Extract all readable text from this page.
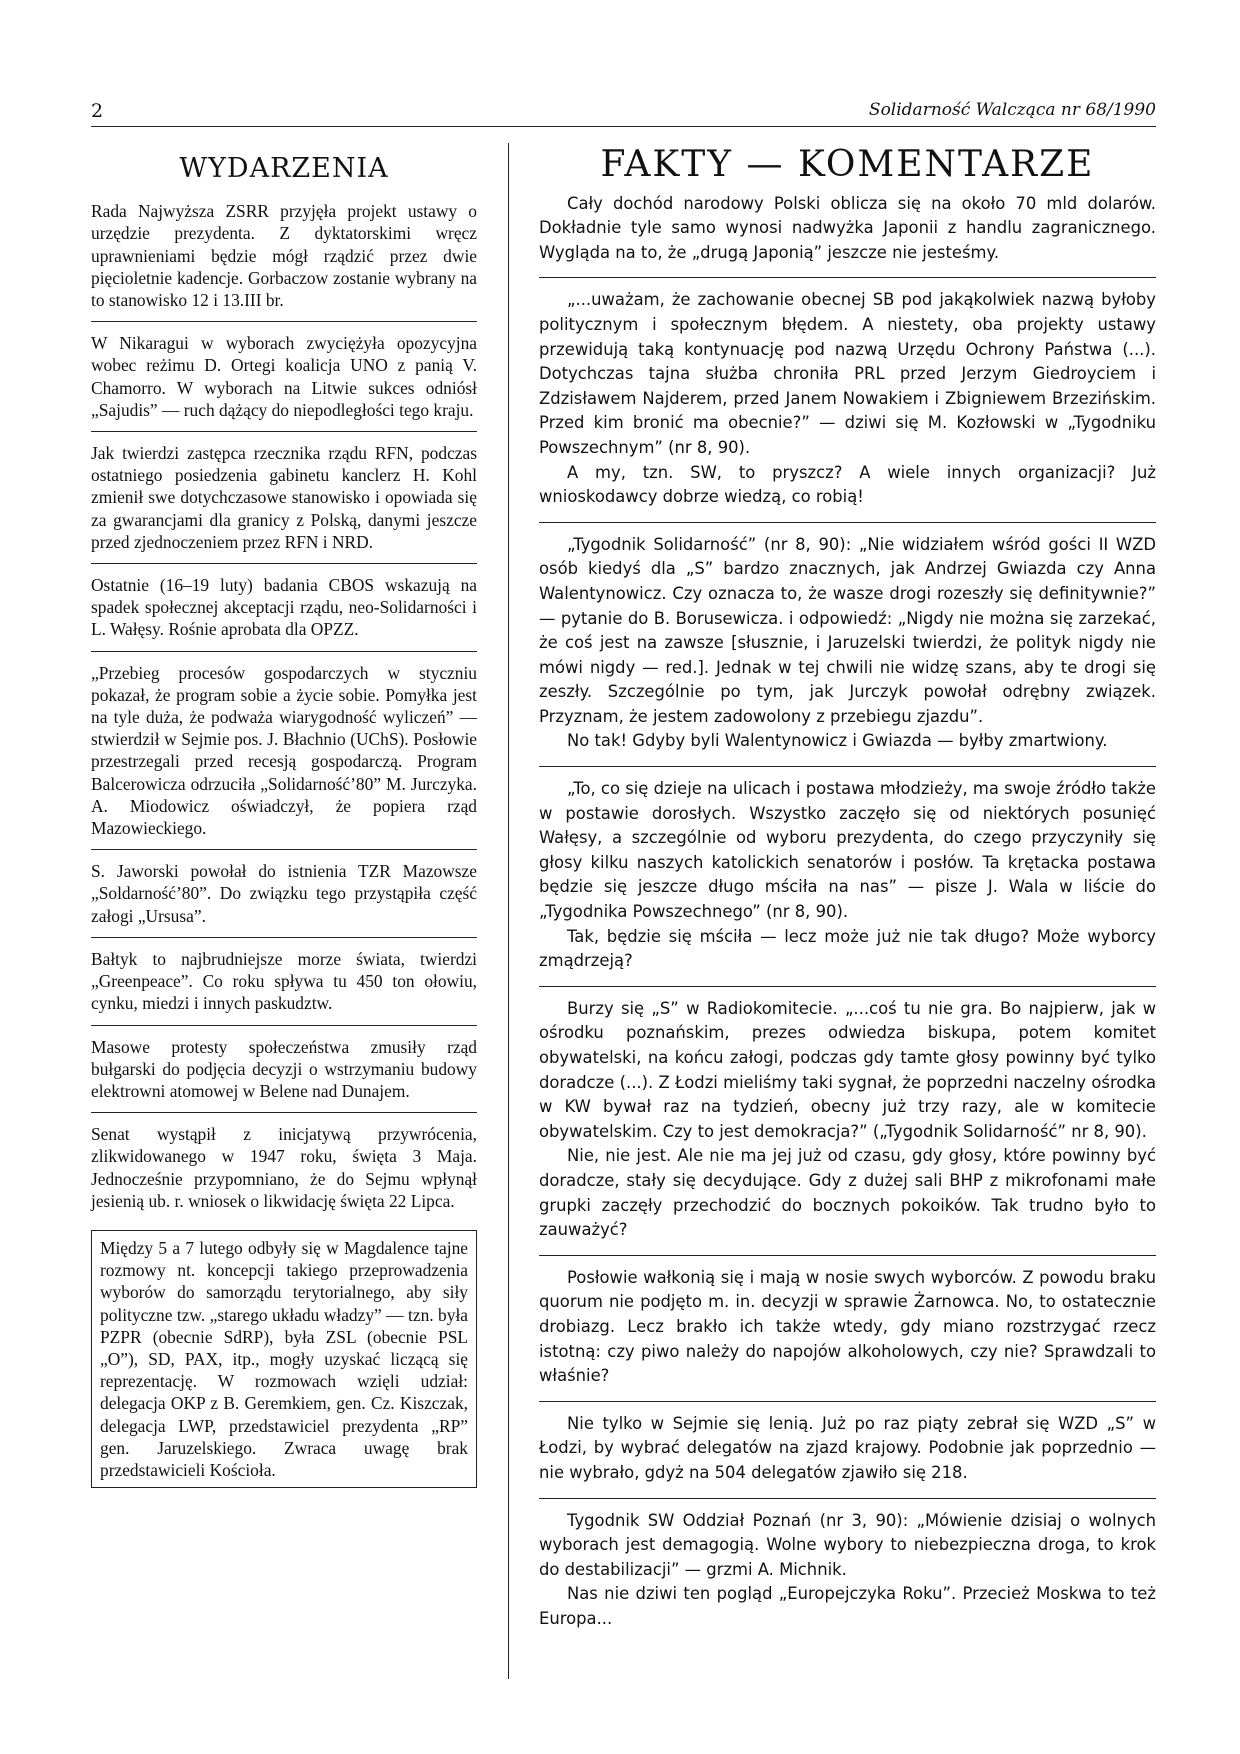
2	Solidarność Walcząca nr 68/1990
WYDARZENIA
Rada Najwyższa ZSRR przyjęła projekt ustawy o urzędzie prezydenta. Z dyktatorskimi wręcz uprawnieniami będzie mógł rządzić przez dwie pięcioletnie kadencje. Gorbaczow zostanie wybrany na to stanowisko 12 i 13.III br.
W Nikaragui w wyborach zwyciężyła opozycyjna wobec reżimu D. Ortegi koalicja UNO z panią V. Chamorro. W wyborach na Litwie sukces odniósł „Sajudis” — ruch dążący do niepodległości tego kraju.
Jak twierdzi zastępca rzecznika rządu RFN, podczas ostatniego posiedzenia gabinetu kanclerz H. Kohl zmienił swe dotychczasowe stanowisko i opowiada się za gwarancjami dla granicy z Polską, danymi jeszcze przed zjednoczeniem przez RFN i NRD.
Ostatnie (16–19 luty) badania CBOS wskazują na spadek społecznej akceptacji rządu, neo-Solidarności i L. Wałęsy. Rośnie aprobata dla OPZZ.
„Przebieg procesów gospodarczych w styczniu pokazał, że program sobie a życie sobie. Pomyłka jest na tyle duża, że podważa wiarygodność wyliczeń” — stwierdził w Sejmie pos. J. Błachnio (UChS). Posłowie przestrzegali przed recesją gospodarczą. Program Balcerowicza odrzuciła „Solidarność’80” M. Jurczyka. A. Miodowicz oświadczył, że popiera rząd Mazowieckiego.
S. Jaworski powołał do istnienia TZR Mazowsze „Soldarność’80”. Do związku tego przystąpiła część załogi „Ursusa”.
Bałtyk to najbrudniejsze morze świata, twierdzi „Greenpeace”. Co roku spływa tu 450 ton ołowiu, cynku, miedzi i innych paskudztw.
Masowe protesty społeczeństwa zmusiły rząd bułgarski do podjęcia decyzji o wstrzymaniu budowy elektrowni atomowej w Belene nad Dunajem.
Senat wystąpił z inicjatywą przywrócenia, zlikwidowanego w 1947 roku, święta 3 Maja. Jednocześnie przypomniano, że do Sejmu wpłynął jesienią ub. r. wniosek o likwidację święta 22 Lipca.
Między 5 a 7 lutego odbyły się w Magdalence tajne rozmowy nt. koncepcji takiego przeprowadzenia wyborów do samorządu terytorialnego, aby siły polityczne tzw. „starego układu władzy” — tzn. była PZPR (obecnie SdRP), była ZSL (obecnie PSL „O”), SD, PAX, itp., mogły uzyskać liczącą się reprezentację. W rozmowach wzięli udział: delegacja OKP z B. Geremkiem, gen. Cz. Kiszczak, delegacja LWP, przedstawiciel prezydenta „RP” gen. Jaruzelskiego. Zwraca uwagę brak przedstawicieli Kościoła.
FAKTY — KOMENTARZE

Cały dochód narodowy Polski oblicza się na około 70 mld dolarów. Dokładnie tyle samo wynosi nadwyżka Japonii z handlu zagranicznego. Wygląda na to, że „drugą Japonią” jeszcze nie jesteśmy.

„...uważam, że zachowanie obecnej SB pod jakąkolwiek nazwą byłoby politycznym i społecznym błędem. A niestety, oba projekty ustawy przewidują taką kontynuację pod nazwą Urzędu Ochrony Państwa (...). Dotychczas tajna służba chroniła PRL przed Jerzym Giedroyciem i Zdzisławem Najderem, przed Janem Nowakiem i Zbigniewem Brzezińskim. Przed kim bronić ma obecnie?” — dziwi się M. Kozłowski w „Tygodniku Powszechnym” (nr 8, 90).

A my, tzn. SW, to pryszcz? A wiele innych organizacji? Już wnioskodawcy dobrze wiedzą, co robią!

„Tygodnik Solidarność” (nr 8, 90): „Nie widziałem wśród gości II WZD osób kiedyś dla „S” bardzo znacznych, jak Andrzej Gwiazda czy Anna Walentynowicz. Czy oznacza to, że wasze drogi rozeszły się definitywnie?” — pytanie do B. Borusewicza. i odpowiedź: „Nigdy nie można się zarzekać, że coś jest na zawsze [słusznie, i Jaruzelski twierdzi, że polityk nigdy nie mówi nigdy — red.]. Jednak w tej chwili nie widzę szans, aby te drogi się zeszły. Szczególnie po tym, jak Jurczyk powołał odrębny związek. Przyznam, że jestem zadowolony z przebiegu zjazdu”.

No tak! Gdyby byli Walentynowicz i Gwiazda — byłby zmartwiony.

„To, co się dzieje na ulicach i postawa młodzieży, ma swoje źródło także w postawie dorosłych. Wszystko zaczęło się od niektórych posunięć Wałęsy, a szczególnie od wyboru prezydenta, do czego przyczyniły się głosy kilku naszych katolickich senatorów i posłów. Ta krętacka postawa będzie się jeszcze długo mściła na nas” — pisze J. Wala w liście do „Tygodnika Powszechnego” (nr 8, 90).

Tak, będzie się mściła — lecz może już nie tak długo? Może wyborcy zmądrzeją?

Burzy się „S” w Radiokomitecie. „...coś tu nie gra. Bo najpierw, jak w ośrodku poznańskim, prezes odwiedza biskupa, potem komitet obywatelski, na końcu załogi, podczas gdy tamte głosy powinny być tylko doradcze (...). Z Łodzi mieliśmy taki sygnał, że poprzedni naczelny ośrodka w KW bywał raz na tydzień, obecny już trzy razy, ale w komitecie obywatelskim. Czy to jest demokracja?” („Tygodnik Solidarność” nr 8, 90).

Nie, nie jest. Ale nie ma jej już od czasu, gdy głosy, które powinny być doradcze, stały się decydujące. Gdy z dużej sali BHP z mikrofonami małe grupki zaczęły przechodzić do bocznych pokoików. Tak trudno było to zauważyć?

Posłowie wałkonią się i mają w nosie swych wyborców. Z powodu braku quorum nie podjęto m. in. decyzji w sprawie Żarnowca. No, to ostatecznie drobiazg. Lecz brakło ich także wtedy, gdy miano rozstrzygać rzecz istotną: czy piwo należy do napojów alkoholowych, czy nie? Sprawdzali to właśnie?

Nie tylko w Sejmie się lenią. Już po raz piąty zebrał się WZD „S” w Łodzi, by wybrać delegatów na zjazd krajowy. Podobnie jak poprzednio — nie wybrało, gdyż na 504 delegatów zjawiło się 218.

Tygodnik SW Oddział Poznań (nr 3, 90): „Mówienie dzisiaj o wolnych wyborach jest demagogią. Wolne wybory to niebezpieczna droga, to krok do destabilizacji” — grzmi A. Michnik.

Nas nie dziwi ten pogląd „Europejczyka Roku”. Przecież Moskwa to też Europa...
